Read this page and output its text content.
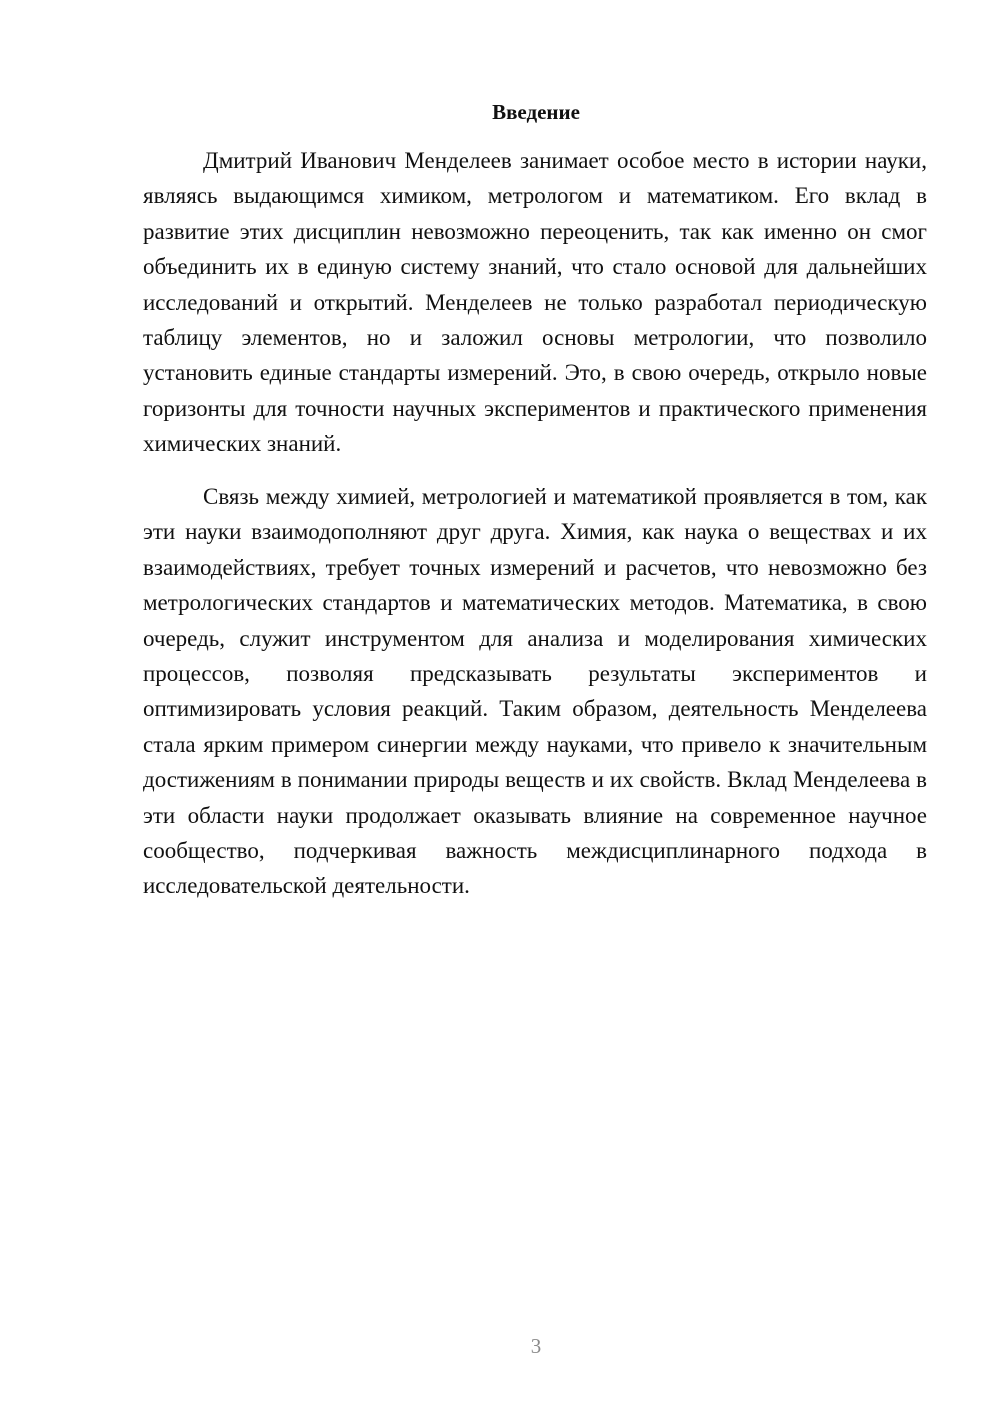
Введение

Дмитрий Иванович Менделеев занимает особое место в истории науки, являясь выдающимся химиком, метрологом и математиком. Его вклад в развитие этих дисциплин невозможно переоценить, так как именно он смог объединить их в единую систему знаний, что стало основой для дальнейших исследований и открытий. Менделеев не только разработал периодическую таблицу элементов, но и заложил основы метрологии, что позволило установить единые стандарты измерений. Это, в свою очередь, открыло новые горизонты для точности научных экспериментов и практического применения химических знаний.

Связь между химией, метрологией и математикой проявляется в том, как эти науки взаимодополняют друг друга. Химия, как наука о веществах и их взаимодействиях, требует точных измерений и расчетов, что невозможно без метрологических стандартов и математических методов. Математика, в свою очередь, служит инструментом для анализа и моделирования химических процессов, позволяя предсказывать результаты экспериментов и оптимизировать условия реакций. Таким образом, деятельность Менделеева стала ярким примером синергии между науками, что привело к значительным достижениям в понимании природы веществ и их свойств. Вклад Менделеева в эти области науки продолжает оказывать влияние на современное научное сообщество, подчеркивая важность междисциплинарного подхода в исследовательской деятельности.

3
